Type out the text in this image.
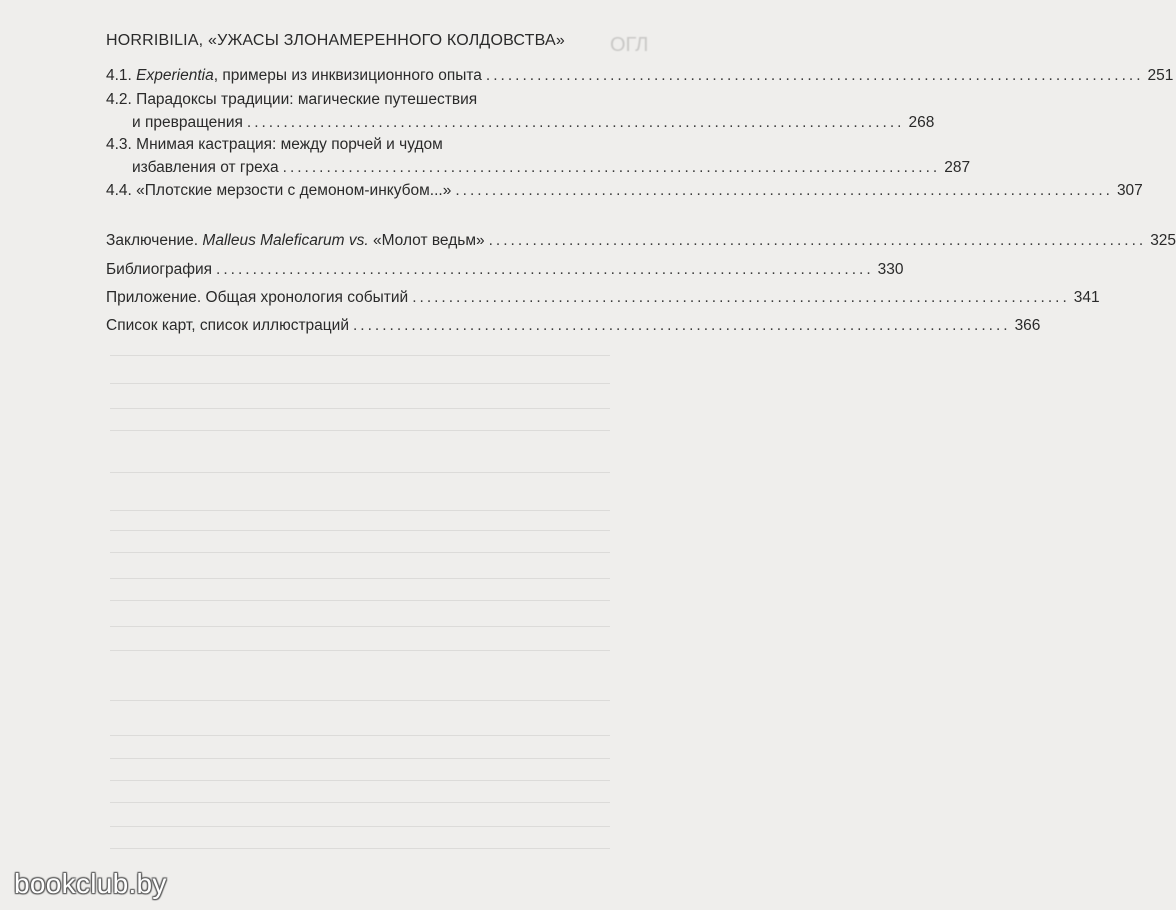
ОГЛ
HORRIBILIA, «УЖАСЫ ЗЛОНАМЕРЕННОГО КОЛДОВСТВА»
4.1. Experientia, примеры из инквизиционного опыта .......................................................................................... 251
4.2. Парадоксы традиции: магические путешествия
и превращения .......................................................................................... 268
4.3. Мнимая кастрация: между порчей и чудом
избавления от греха .......................................................................................... 287
4.4. «Плотские мерзости с демоном-инкубом...» .......................................................................................... 307
Заключение. Malleus Maleficarum vs. «Молот ведьм» .......................................................................................... 325
Библиография .......................................................................................... 330
Приложение. Общая хронология событий .......................................................................................... 341
Список карт, список иллюстраций .......................................................................................... 366
bookclub.by
